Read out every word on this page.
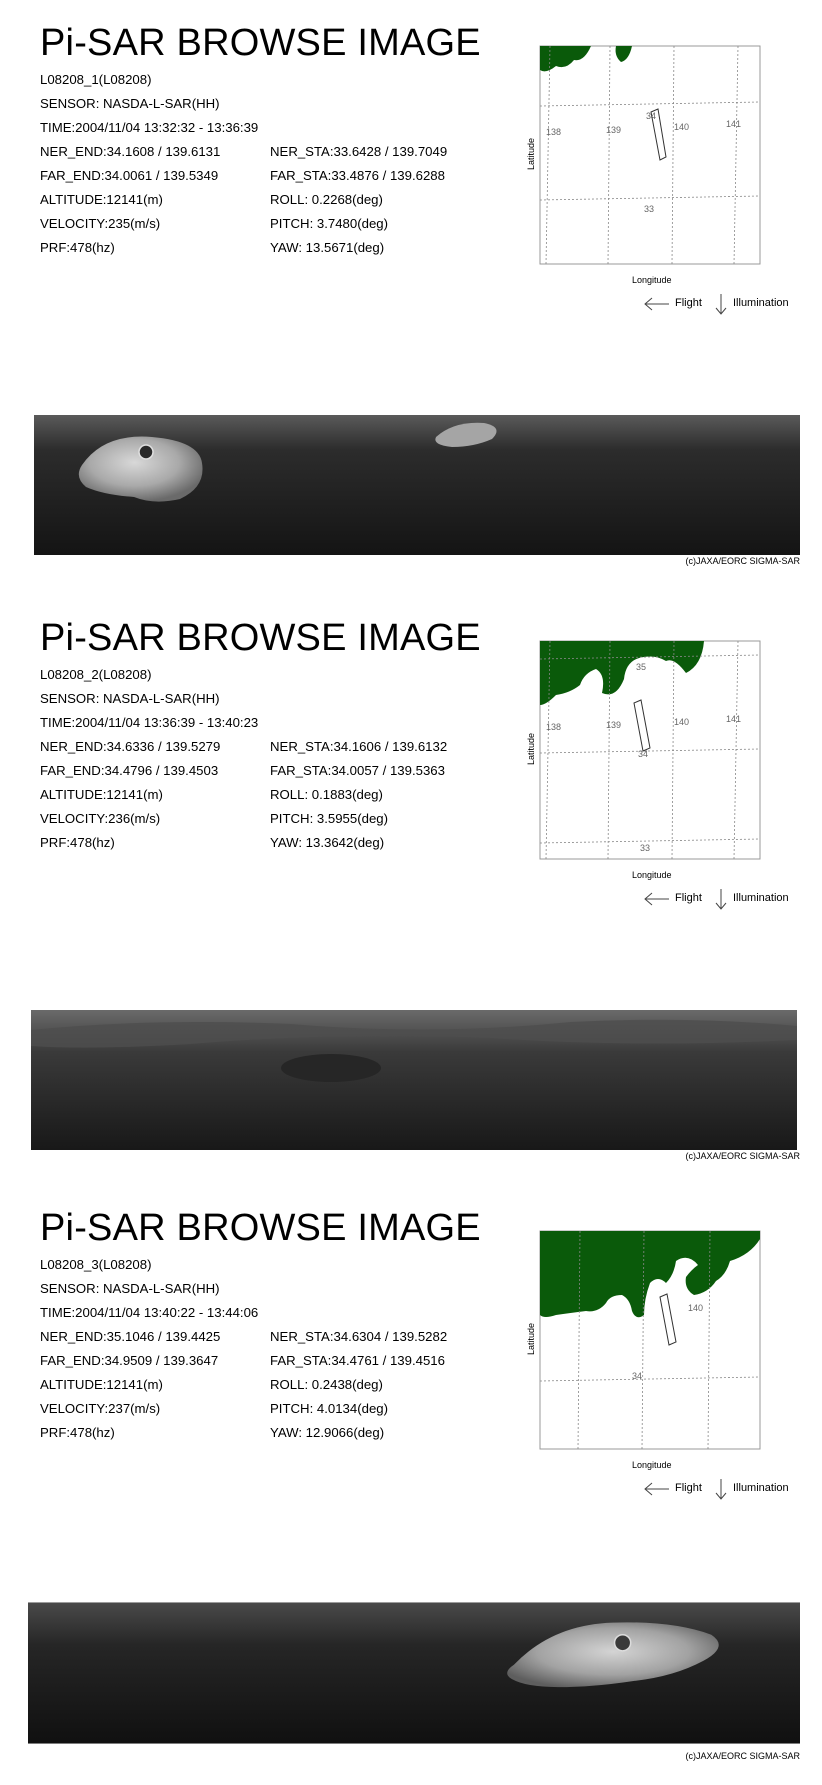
Pi-SAR BROWSE IMAGE
L08208_1(L08208)
SENSOR: NASDA-L-SAR(HH)
TIME:2004/11/04 13:32:32 - 13:36:39
NER_END:34.1608 / 139.6131	NER_STA:33.6428 / 139.7049
FAR_END:34.0061 / 139.5349	FAR_STA:33.4876 / 139.6288
ALTITUDE:12141(m)	ROLL: 0.2268(deg)
VELOCITY:235(m/s)	PITCH: 3.7480(deg)
PRF:478(hz)	YAW: 13.5671(deg)
138	139	140	141
34
33
Longitude
Latitude
Flight	Illumination
(c)JAXA/EORC SIGMA-SAR
Pi-SAR BROWSE IMAGE
L08208_2(L08208)
SENSOR: NASDA-L-SAR(HH)
TIME:2004/11/04 13:36:39 - 13:40:23
NER_END:34.6336 / 139.5279	NER_STA:34.1606 / 139.6132
FAR_END:34.4796 / 139.4503	FAR_STA:34.0057 / 139.5363
ALTITUDE:12141(m)	ROLL: 0.1883(deg)
VELOCITY:236(m/s)	PITCH: 3.5955(deg)
PRF:478(hz)	YAW: 13.3642(deg)
35
138	139	140	141
34
33
Longitude
Latitude
Flight	Illumination
(c)JAXA/EORC SIGMA-SAR
Pi-SAR BROWSE IMAGE
L08208_3(L08208)
SENSOR: NASDA-L-SAR(HH)
TIME:2004/11/04 13:40:22 - 13:44:06
NER_END:35.1046 / 139.4425	NER_STA:34.6304 / 139.5282
FAR_END:34.9509 / 139.3647	FAR_STA:34.4761 / 139.4516
ALTITUDE:12141(m)	ROLL: 0.2438(deg)
VELOCITY:237(m/s)	PITCH: 4.0134(deg)
PRF:478(hz)	YAW: 12.9066(deg)
140
34
Longitude
Latitude
Flight	Illumination
(c)JAXA/EORC SIGMA-SAR
